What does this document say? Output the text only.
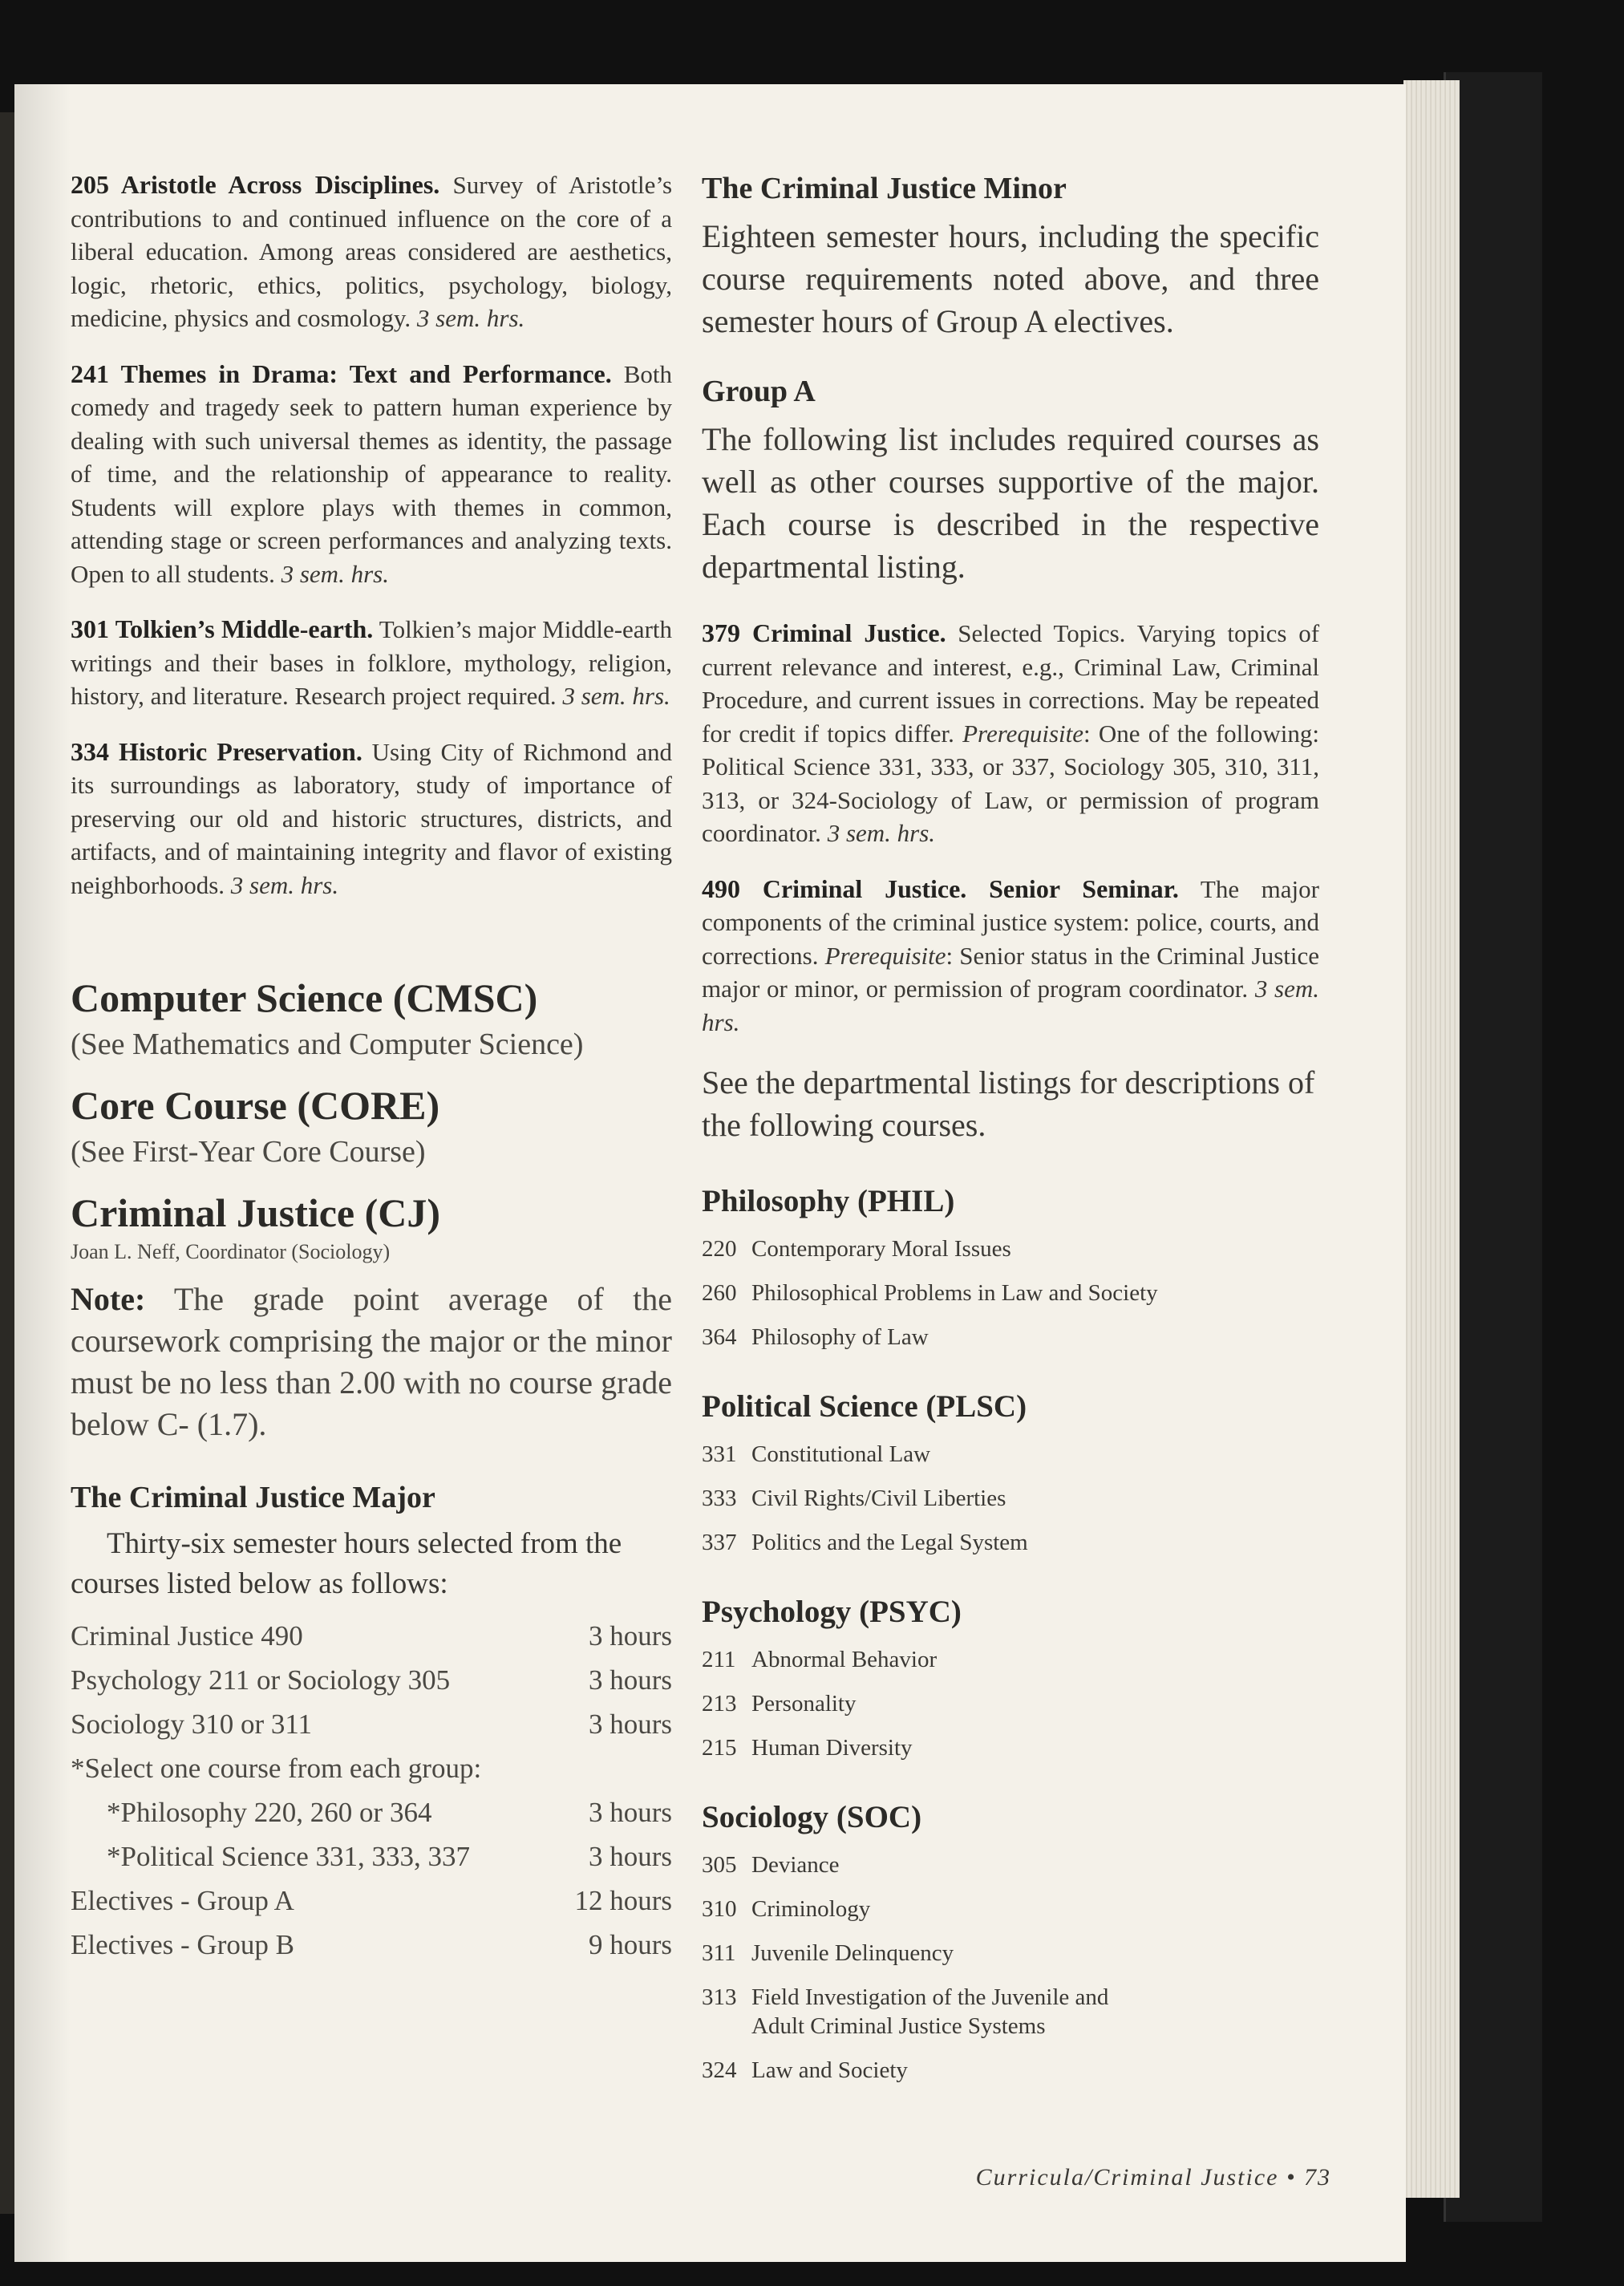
205 Aristotle Across Disciplines. Survey of Aristotle’s contributions to and continued influence on the core of a liberal education. Among areas considered are aesthetics, logic, rhetoric, ethics, politics, psychology, biology, medicine, physics and cosmology. 3 sem. hrs.

241 Themes in Drama: Text and Performance. Both comedy and tragedy seek to pattern human experience by dealing with such universal themes as identity, the passage of time, and the relationship of appearance to reality. Students will explore plays with themes in common, attending stage or screen performances and analyzing texts. Open to all students. 3 sem. hrs.

301 Tolkien’s Middle-earth. Tolkien’s major Middle-earth writings and their bases in folklore, mythology, religion, history, and literature. Research project required. 3 sem. hrs.

334 Historic Preservation. Using City of Richmond and its surroundings as laboratory, study of importance of preserving our old and historic structures, districts, and artifacts, and of maintaining integrity and flavor of existing neighborhoods. 3 sem. hrs.

Computer Science (CMSC)
(See Mathematics and Computer Science)
Core Course (CORE)
(See First-Year Core Course)
Criminal Justice (CJ)
Joan L. Neff, Coordinator (Sociology)

Note: The grade point average of the coursework comprising the major or the minor must be no less than 2.00 with no course grade below C- (1.7).

The Criminal Justice Major

Thirty-six semester hours selected from the courses listed below as follows:

Criminal Justice 490	3 hours
Psychology 211 or Sociology 305	3 hours
Sociology 310 or 311	3 hours
*Select one course from each group:
*Philosophy 220, 260 or 364	3 hours
*Political Science 331, 333, 337	3 hours
Electives - Group A	12 hours
Electives - Group B	9 hours
The Criminal Justice Minor

Eighteen semester hours, including the specific course requirements noted above, and three semester hours of Group A electives.

Group A

The following list includes required courses as well as other courses supportive of the major. Each course is described in the respective departmental listing.

379 Criminal Justice. Selected Topics. Varying topics of current relevance and interest, e.g., Criminal Law, Criminal Procedure, and current issues in corrections. May be repeated for credit if topics differ. Prerequisite: One of the following: Political Science 331, 333, or 337, Sociology 305, 310, 311, 313, or 324-Sociology of Law, or permission of program coordinator. 3 sem. hrs.

490 Criminal Justice. Senior Seminar. The major components of the criminal justice system: police, courts, and corrections. Prerequisite: Senior status in the Criminal Justice major or minor, or permission of program coordinator. 3 sem. hrs.

See the departmental listings for descriptions of the following courses.

Philosophy (PHIL)
220 Contemporary Moral Issues
260 Philosophical Problems in Law and Society
364 Philosophy of Law
Political Science (PLSC)
331 Constitutional Law
333 Civil Rights/Civil Liberties
337 Politics and the Legal System
Psychology (PSYC)
211 Abnormal Behavior
213 Personality
215 Human Diversity
Sociology (SOC)
305 Deviance
310 Criminology
311 Juvenile Delinquency
313 Field Investigation of the Juvenile and Adult Criminal Justice Systems
324 Law and Society
Curricula/Criminal Justice • 73
